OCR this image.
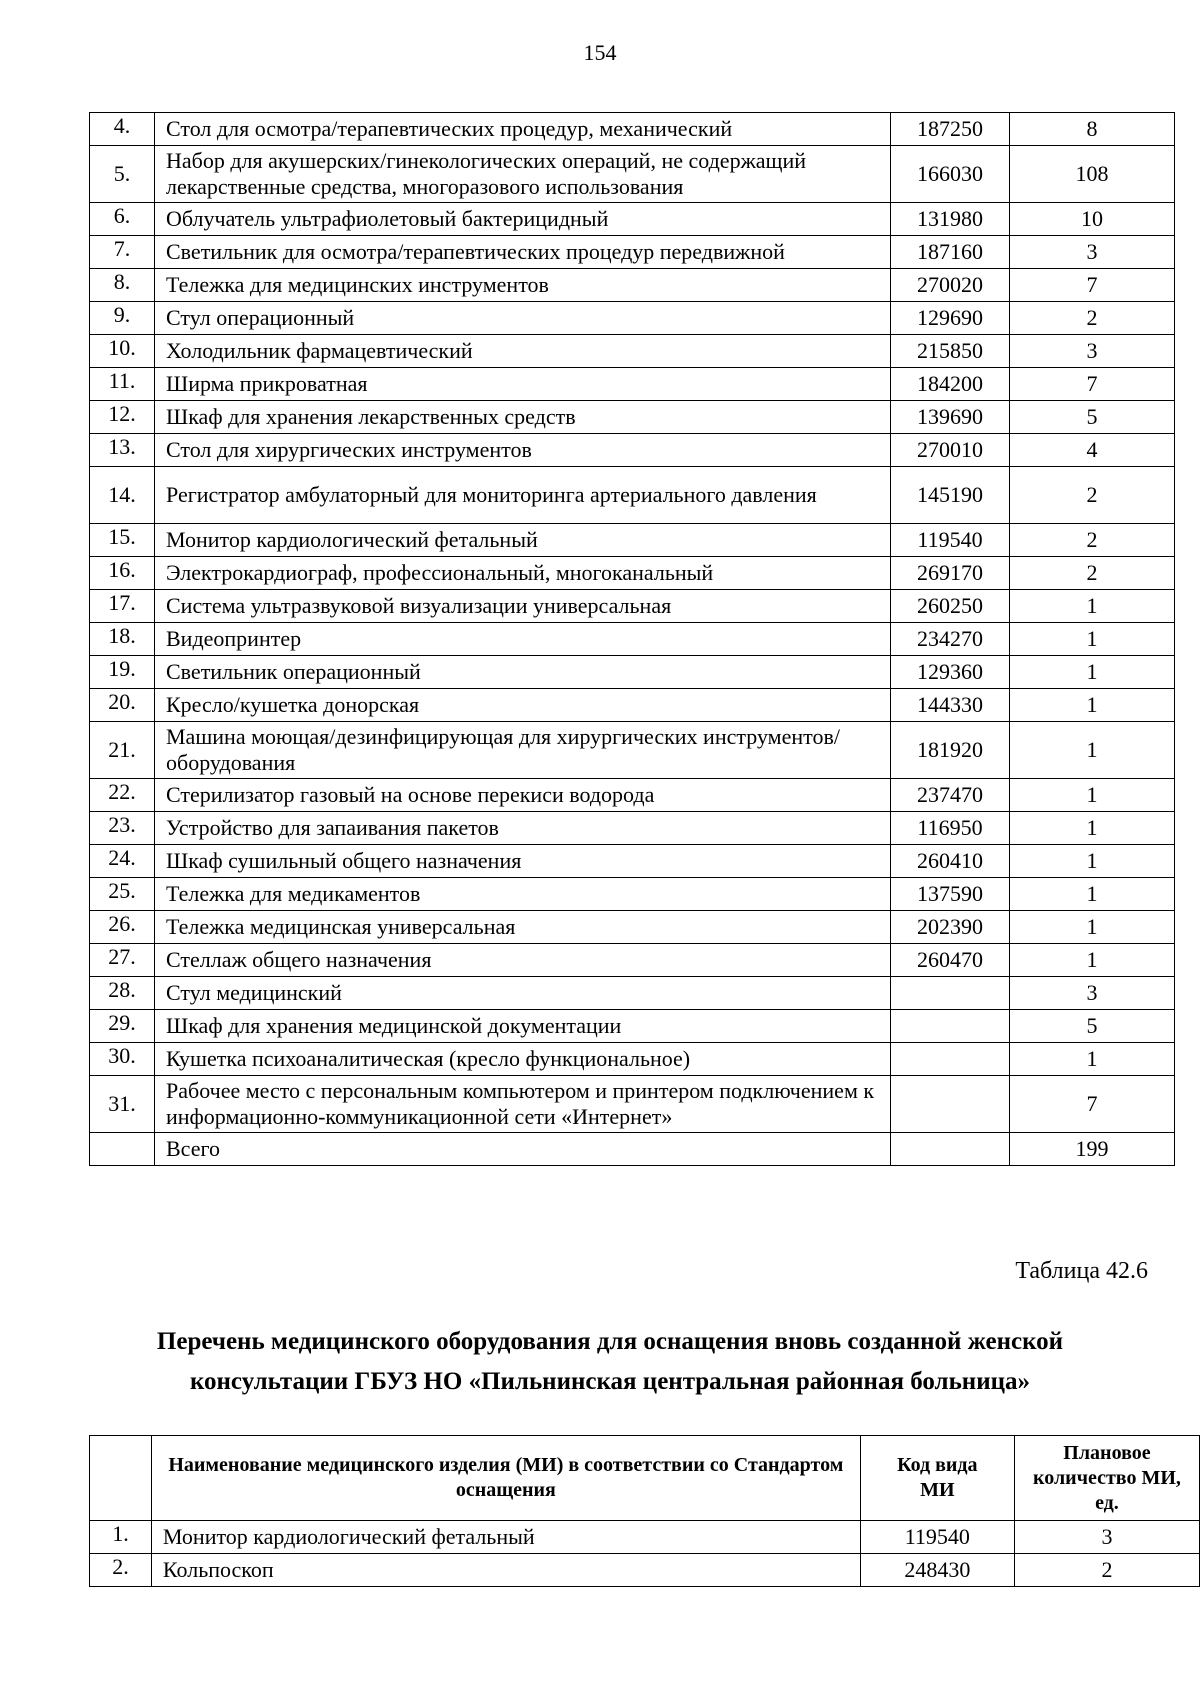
154
4.	Стол для осмотра/терапевтических процедур, механический	187250	8
5.	Набор для акушерских/гинекологических операций, не содержащий лекарственные средства, многоразового использования	166030	108
6.	Облучатель ультрафиолетовый бактерицидный	131980	10
7.	Светильник для осмотра/терапевтических процедур передвижной	187160	3
8.	Тележка для медицинских инструментов	270020	7
9.	Стул операционный	129690	2
10.	Холодильник фармацевтический	215850	3
11.	Ширма прикроватная	184200	7
12.	Шкаф для хранения лекарственных средств	139690	5
13.	Стол для хирургических инструментов	270010	4
14.	Регистратор амбулаторный для мониторинга артериального давления	145190	2
15.	Монитор кардиологический фетальный	119540	2
16.	Электрокардиограф, профессиональный, многоканальный	269170	2
17.	Система ультразвуковой визуализации универсальная	260250	1
18.	Видеопринтер	234270	1
19.	Светильник операционный	129360	1
20.	Кресло/кушетка донорская	144330	1
21.	Машина моющая/дезинфицирующая для хирургических инструментов/оборудования	181920	1
22.	Стерилизатор газовый на основе перекиси водорода	237470	1
23.	Устройство для запаивания пакетов	116950	1
24.	Шкаф сушильный общего назначения	260410	1
25.	Тележка для медикаментов	137590	1
26.	Тележка медицинская универсальная	202390	1
27.	Стеллаж общего назначения	260470	1
28.	Стул медицинский		3
29.	Шкаф для хранения медицинской документации		5
30.	Кушетка психоаналитическая (кресло функциональное)		1
31.	Рабочее место с персональным компьютером и принтером подключением к информационно-коммуникационной сети «Интернет»		7
	Всего		199
Таблица 42.6
Перечень медицинского оборудования для оснащения вновь созданной женской консультации ГБУЗ НО «Пильнинская центральная районная больница»
	Наименование медицинского изделия (МИ) в соответствии со Стандартом оснащения	Код вида МИ	Плановое количество МИ, ед.
1.	Монитор кардиологический фетальный	119540	3
2.	Кольпоскоп	248430	2
